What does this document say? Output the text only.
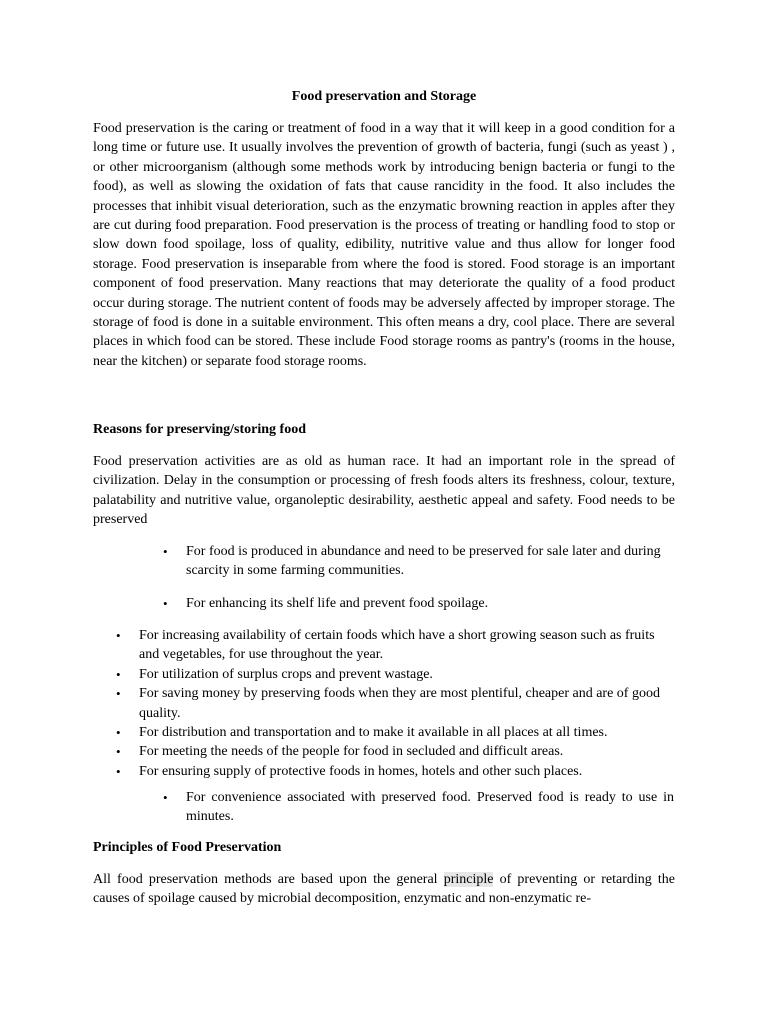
Food preservation and Storage

Food preservation is the caring or treatment of food in a way that it will keep in a good condition for a long time or future use. It usually involves the prevention of growth of bacteria, fungi (such as yeast ) , or other microorganism (although some methods work by introducing benign bacteria or fungi to the food), as well as slowing the oxidation of fats that cause rancidity in the food. It also includes the processes that inhibit visual deterioration, such as the enzymatic browning reaction in apples after they are cut during food preparation. Food preservation is the process of treating or handling food to stop or slow down food spoilage, loss of quality, edibility, nutritive value and thus allow for longer food storage. Food preservation is inseparable from where the food is stored. Food storage is an important component of food preservation. Many reactions that may deteriorate the quality of a food product occur during storage. The nutrient content of foods may be adversely affected by improper storage. The storage of food is done in a suitable environment. This often means a dry, cool place. There are several places in which food can be stored. These include Food storage rooms as pantry's (rooms in the house, near the kitchen) or separate food storage rooms.

Reasons for preserving/storing food

Food preservation activities are as old as human race. It had an important role in the spread of civilization. Delay in the consumption or processing of fresh foods alters its freshness, colour, texture, palatability and nutritive value, organoleptic desirability, aesthetic appeal and safety. Food needs to be preserved

• For food is produced in abundance and need to be preserved for sale later and during scarcity in some farming communities.
• For enhancing its shelf life and prevent food spoilage.
• For increasing availability of certain foods which have a short growing season such as fruits and vegetables, for use throughout the year.
• For utilization of surplus crops and prevent wastage.
• For saving money by preserving foods when they are most plentiful, cheaper and are of good quality.
• For distribution and transportation and to make it available in all places at all times.
• For meeting the needs of the people for food in secluded and difficult areas.
• For ensuring supply of protective foods in homes, hotels and other such places.
• For convenience associated with preserved food. Preserved food is ready to use in minutes.
Principles of Food Preservation

All food preservation methods are based upon the general principle of preventing or retarding the causes of spoilage caused by microbial decomposition, enzymatic and non-enzymatic re-
